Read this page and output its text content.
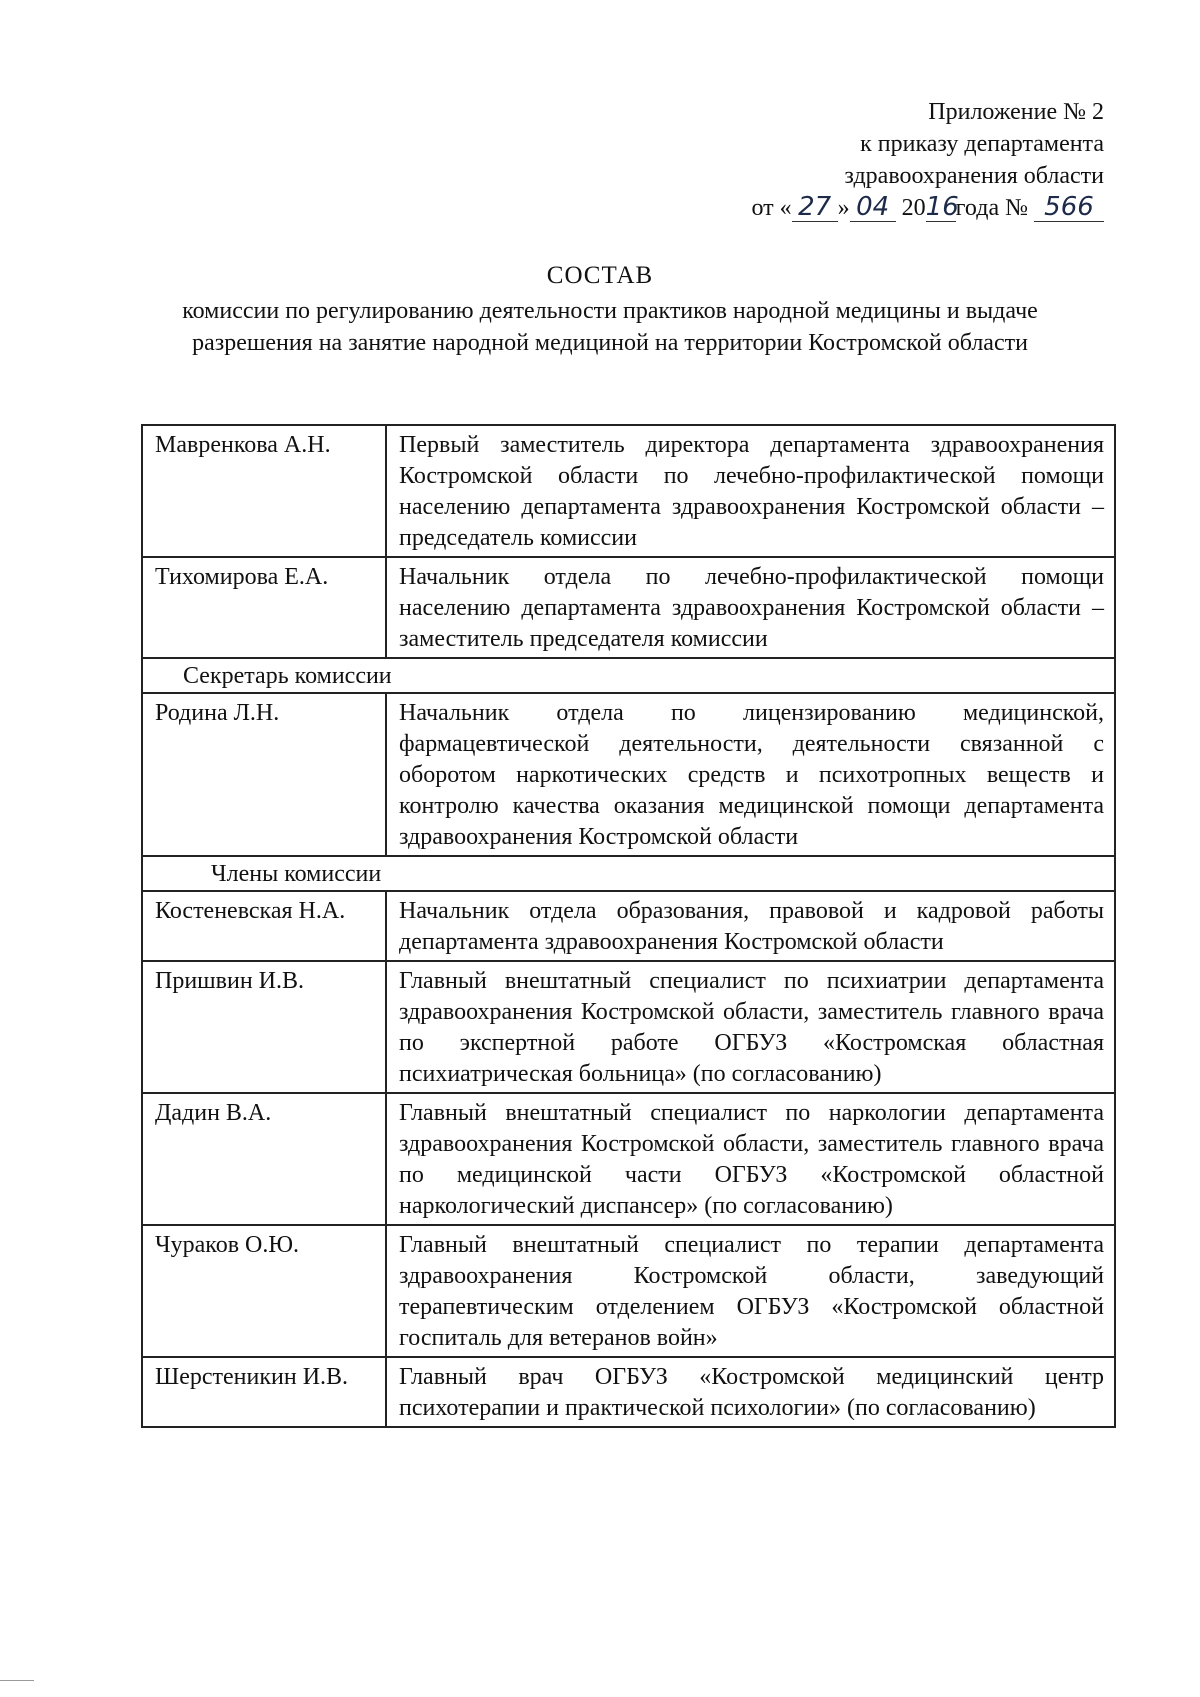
Приложение № 2
к приказу департамента
здравоохранения области
от « 27 » 04 2016года № 566
СОСТАВ
комиссии по регулированию деятельности практиков народной медицины и выдаче разрешения на занятие народной медициной на территории Костромской области
Мавренкова А.Н.	Первый заместитель директора департамента здравоохранения Костромской области по лечебно-профилактической помощи населению департамента здравоохранения Костромской области – председатель комиссии
Тихомирова Е.А.	Начальник отдела по лечебно-профилактической помощи населению департамента здравоохранения Костромской области – заместитель председателя комиссии
Секретарь комиссии	
Родина Л.Н.	Начальник отдела по лицензированию медицинской, фармацевтической деятельности, деятельности связанной с оборотом наркотических средств и психотропных веществ и контролю качества оказания медицинской помощи департамента здравоохранения Костромской области
Члены комиссии	
Костеневская Н.А.	Начальник отдела образования, правовой и кадровой работы департамента здравоохранения Костромской области
Пришвин И.В.	Главный внештатный специалист по психиатрии департамента здравоохранения Костромской области, заместитель главного врача по экспертной работе ОГБУЗ «Костромская областная психиатрическая больница» (по согласованию)
Дадин В.А.	Главный внештатный специалист по наркологии департамента здравоохранения Костромской области, заместитель главного врача по медицинской части ОГБУЗ «Костромской областной наркологический диспансер» (по согласованию)
Чураков О.Ю.	Главный внештатный специалист по терапии департамента здравоохранения Костромской области, заведующий терапевтическим отделением ОГБУЗ «Костромской областной госпиталь для ветеранов войн»
Шерстеникин И.В.	Главный врач ОГБУЗ «Костромской медицинский центр психотерапии и практической психологии» (по согласованию)
